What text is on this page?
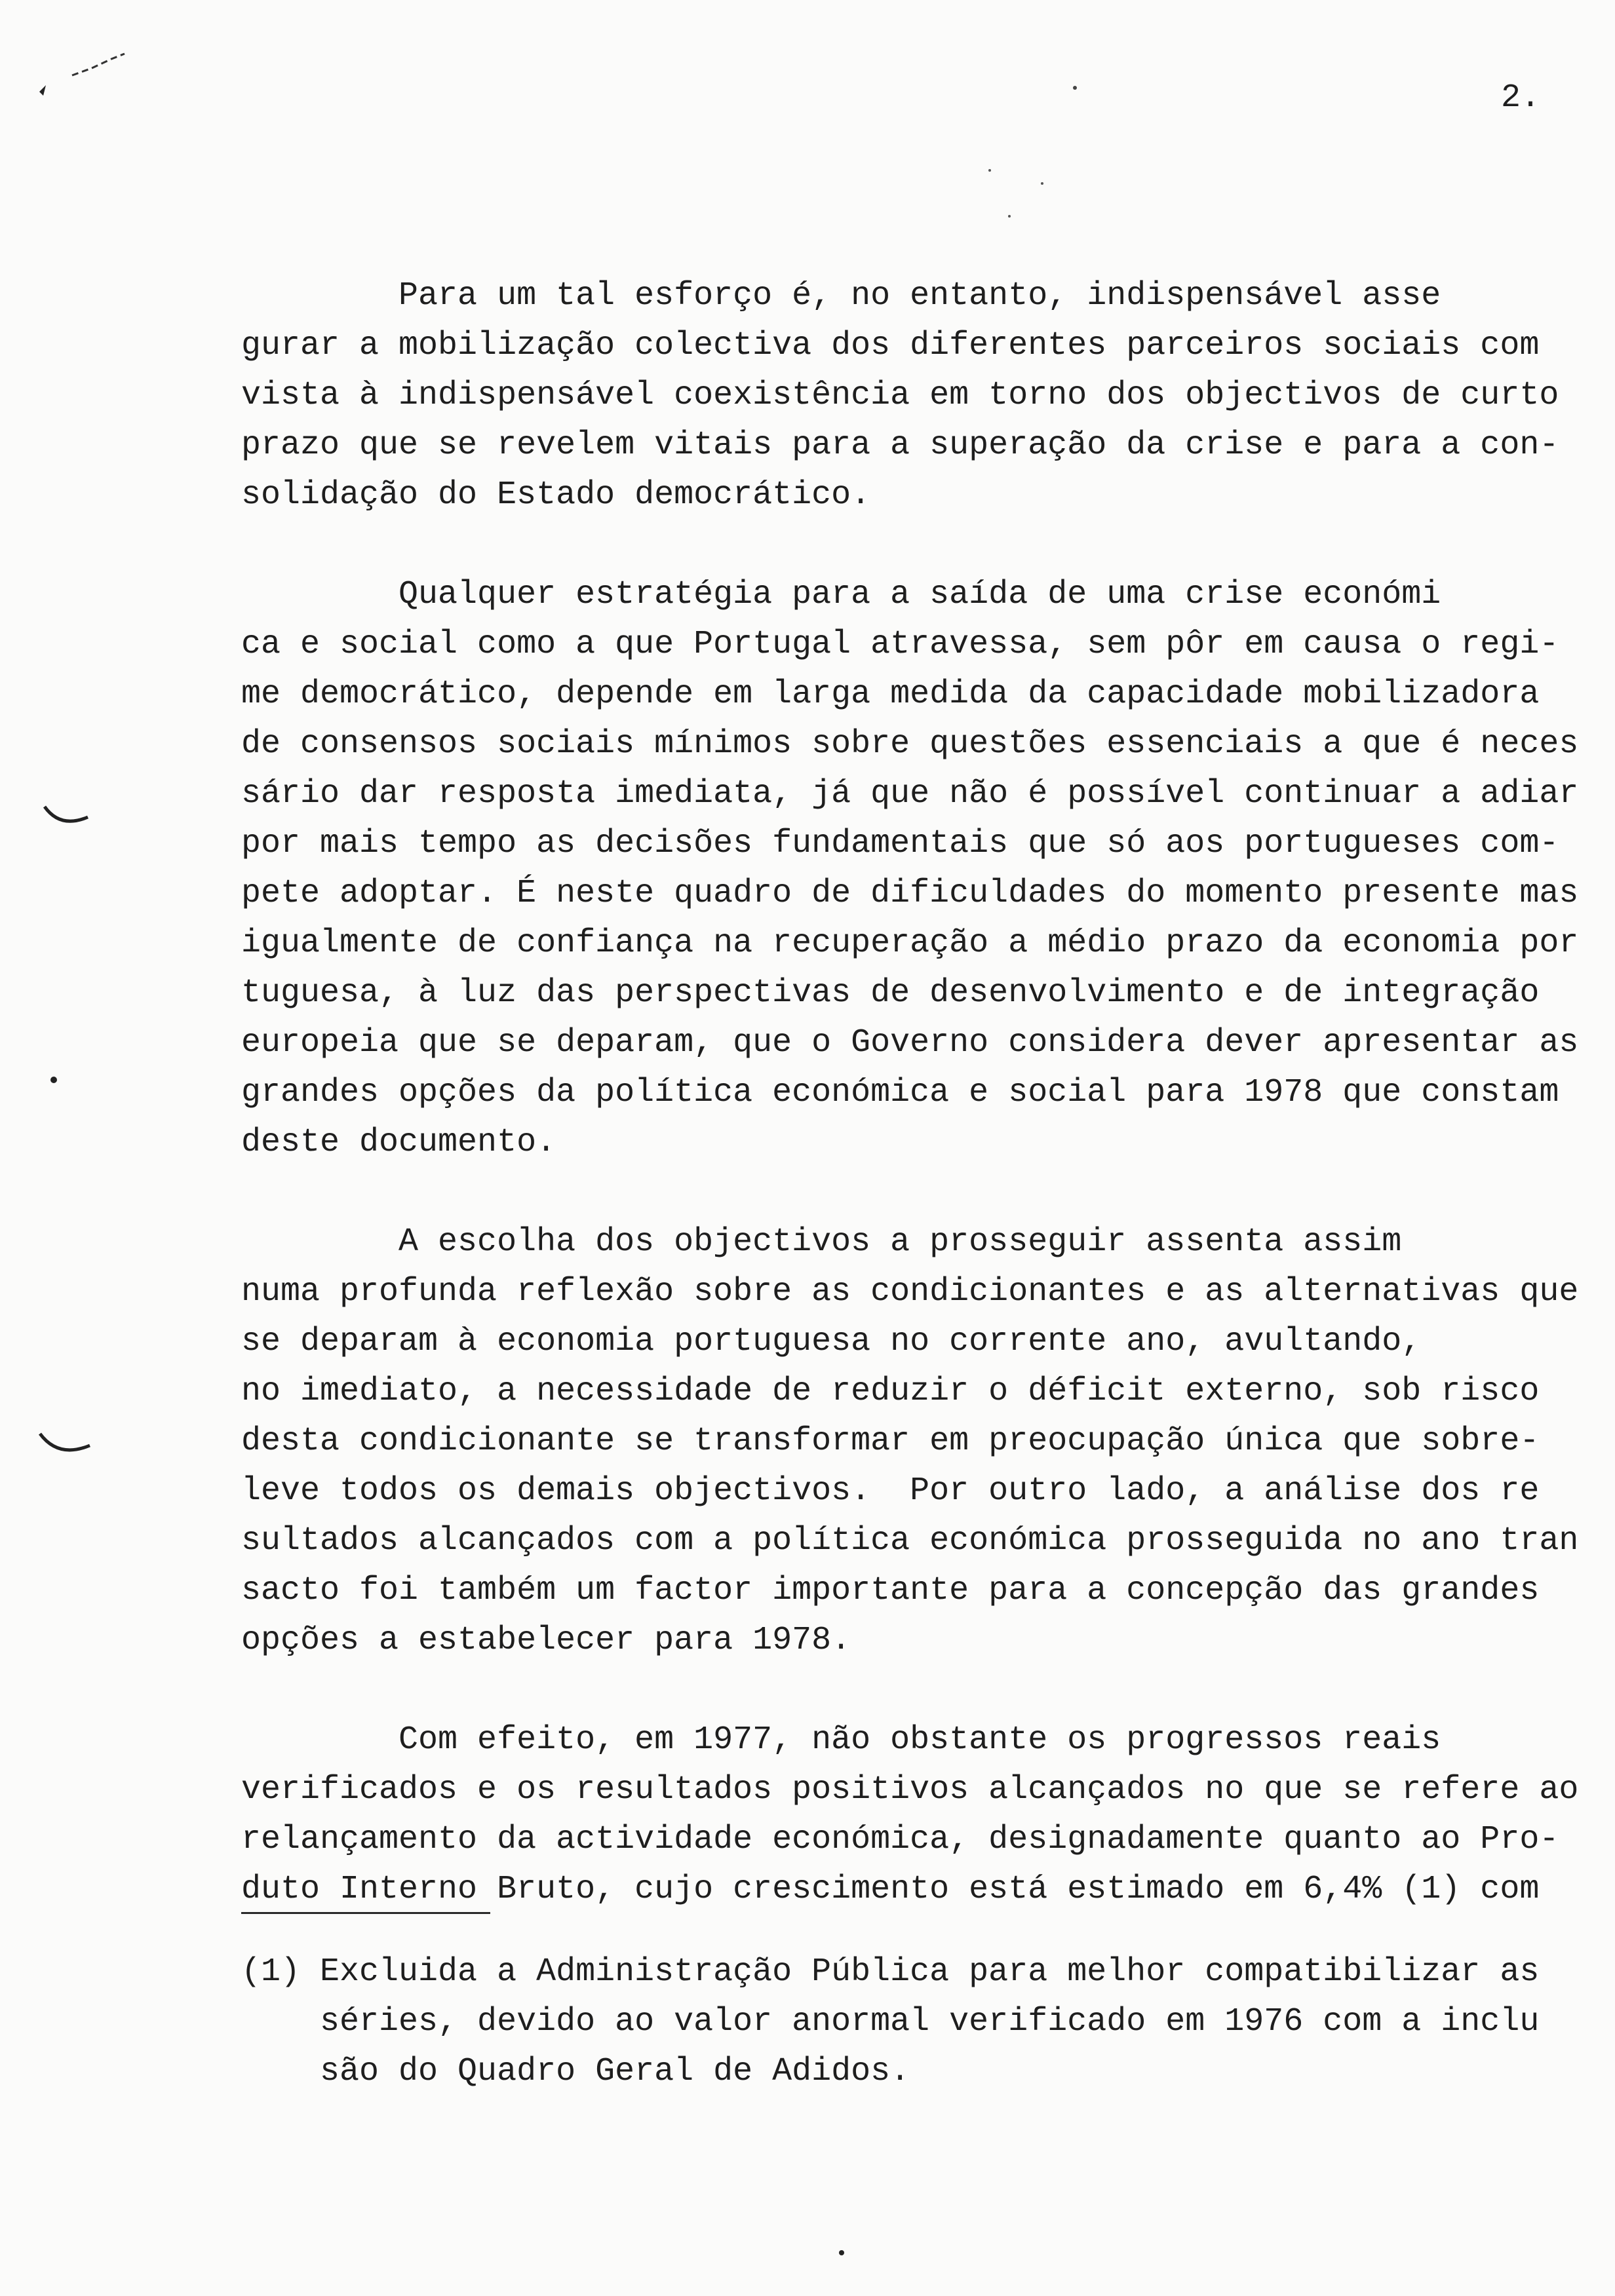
2.

Para um tal esforço é, no entanto, indispensável asse

gurar a mobilização colectiva dos diferentes parceiros sociais com

vista à indispensável coexistência em torno dos objectivos de curto

prazo que se revelem vitais para a superação da crise e para a con-

solidação do Estado democrático.

Qualquer estratégia para a saída de uma crise económi

ca e social como a que Portugal atravessa, sem pôr em causa o regi-

me democrático, depende em larga medida da capacidade mobilizadora

de consensos sociais mínimos sobre questões essenciais a que é neces

sário dar resposta imediata, já que não é possível continuar a adiar

por mais tempo as decisões fundamentais que só aos portugueses com-

pete adoptar. É neste quadro de dificuldades do momento presente mas

igualmente de confiança na recuperação a médio prazo da economia por

tuguesa, à luz das perspectivas de desenvolvimento e de integração

europeia que se deparam, que o Governo considera dever apresentar as

grandes opções da política económica e social para 1978 que constam

deste documento.

A escolha dos objectivos a prosseguir assenta assim

numa profunda reflexão sobre as condicionantes e as alternativas que

se deparam à economia portuguesa no corrente ano, avultando,

no imediato, a necessidade de reduzir o déficit externo, sob risco

desta condicionante se transformar em preocupação única que sobre-

leve todos os demais objectivos.  Por outro lado, a análise dos re

sultados alcançados com a política económica prosseguida no ano tran

sacto foi também um factor importante para a concepção das grandes

opções a estabelecer para 1978.

Com efeito, em 1977, não obstante os progressos reais

verificados e os resultados positivos alcançados no que se refere ao

relançamento da actividade económica, designadamente quanto ao Pro-

duto Interno Bruto, cujo crescimento está estimado em 6,4% (1) com

(1) Excluida a Administração Pública para melhor compatibilizar as

séries, devido ao valor anormal verificado em 1976 com a inclu

são do Quadro Geral de Adidos.
